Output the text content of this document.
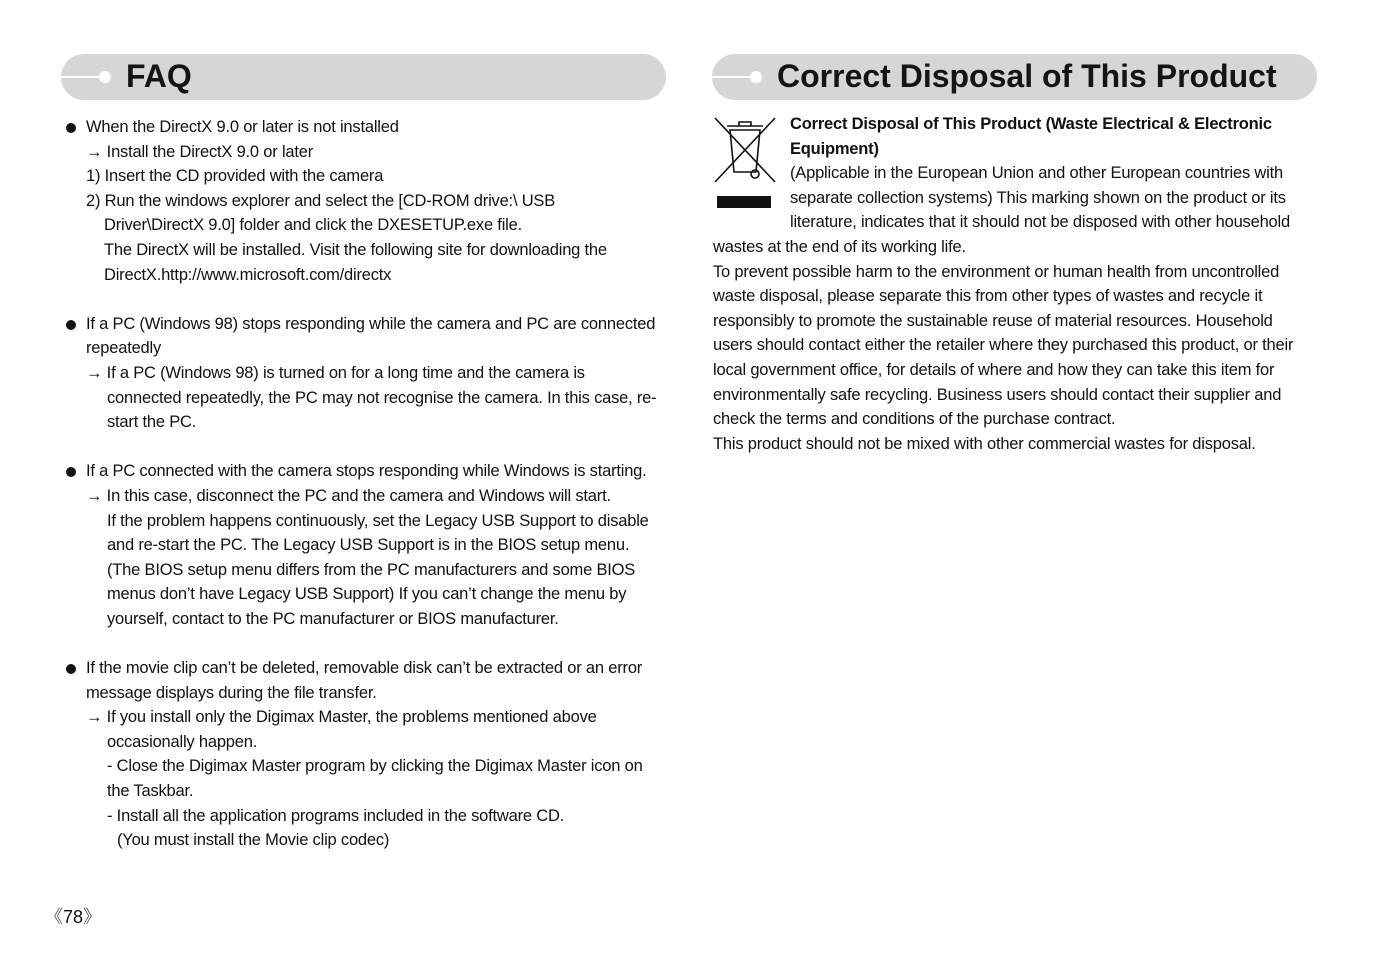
FAQ	Correct Disposal of This Product
When the DirectX 9.0 or later is not installed
→ Install the DirectX 9.0 or later
1) Insert the CD provided with the camera
2) Run the windows explorer and select the [CD-ROM drive:\ USB
Driver\DirectX 9.0] folder and click the DXESETUP.exe file.
The DirectX will be installed. Visit the following site for downloading the
DirectX.http://www.microsoft.com/directx
If a PC (Windows 98) stops responding while the camera and PC are connected
repeatedly
→ If a PC (Windows 98) is turned on for a long time and the camera is
connected repeatedly, the PC may not recognise the camera. In this case, re-
start the PC.
If a PC connected with the camera stops responding while Windows is starting.
→ In this case, disconnect the PC and the camera and Windows will start.
If the problem happens continuously, set the Legacy USB Support to disable
and re-start the PC. The Legacy USB Support is in the BIOS setup menu.
(The BIOS setup menu differs from the PC manufacturers and some BIOS
menus don’t have Legacy USB Support) If you can’t change the menu by
yourself, contact to the PC manufacturer or BIOS manufacturer.
If the movie clip can’t be deleted, removable disk can’t be extracted or an error
message displays during the file transfer.
→ If you install only the Digimax Master, the problems mentioned above
occasionally happen.
- Close the Digimax Master program by clicking the Digimax Master icon on
the Taskbar.
- Install all the application programs included in the software CD.
(You must install the Movie clip codec)
Correct Disposal of This Product (Waste Electrical & Electronic
Equipment)
(Applicable in the European Union and other European countries with
separate collection systems) This marking shown on the product or its
literature, indicates that it should not be disposed with other household
wastes at the end of its working life.
To prevent possible harm to the environment or human health from uncontrolled
waste disposal, please separate this from other types of wastes and recycle it
responsibly to promote the sustainable reuse of material resources. Household
users should contact either the retailer where they purchased this product, or their
local government office, for details of where and how they can take this item for
environmentally safe recycling. Business users should contact their supplier and
check the terms and conditions of the purchase contract.
This product should not be mixed with other commercial wastes for disposal.
《78》
